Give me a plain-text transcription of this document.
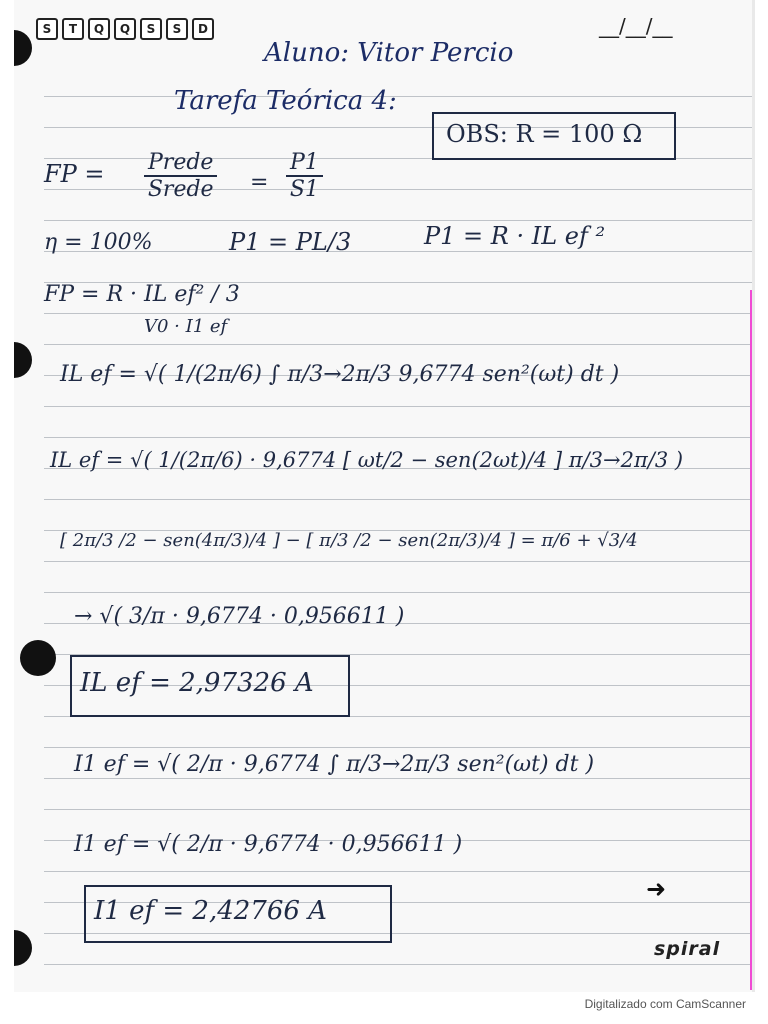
S	T	Q	Q	S	S	D	__/__/__
Aluno: Vitor Percio
Tarefa Teórica 4:
OBS: R = 100 Ω
FP = $\frac{\text{Prede}}{\text{Srede}} = \frac{P1}{S1}$
η = 100%	P1 = PL/3	P1 = R · IL ef ²
FP = R · IL ef² / 3
V0 · I1 ef
IL ef = √( 1/(2π/6) ∫ π/3→2π/3 9,6774 sen²(ωt) dt )
IL ef = √( 1/(2π/6) · 9,6774 [ ωt/2 − sen(2ωt)/4 ] π/3→2π/3 )
[ 2π/3 /2 − sen(4π/3)/4 ] − [ π/3 /2 − sen(2π/3)/4 ] = π/6 + √3/4
→ √( 3/π · 9,6774 · 0,956611 )
IL ef = 2,97326 A
I1 ef = √( 2/π · 9,6774 ∫ π/3→2π/3 sen²(ωt) dt )
I1 ef = √( 2/π · 9,6774 · 0,956611 )
I1 ef = 2,42766 A
➜
spiral
Digitalizado com CamScanner
